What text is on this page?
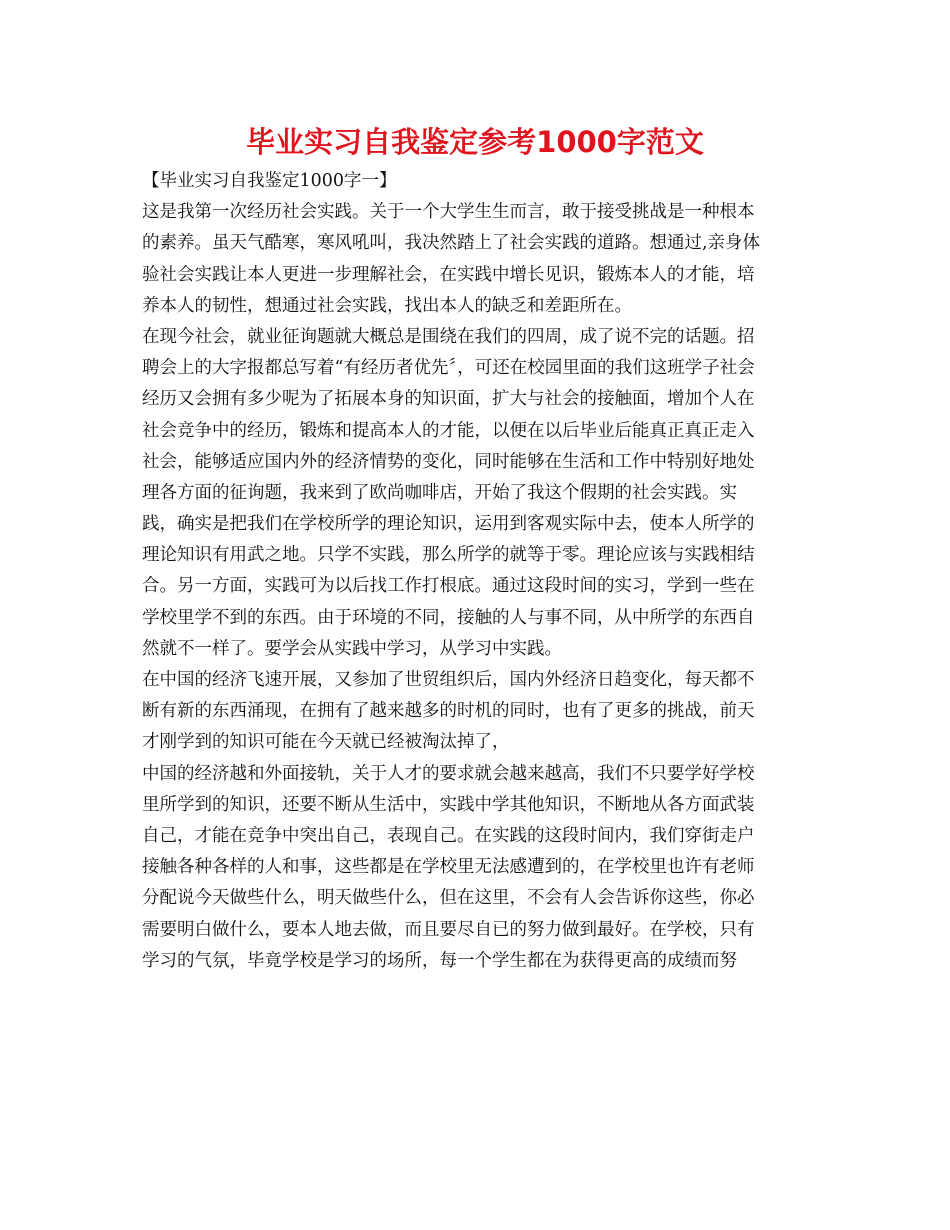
毕业实习自我鉴定参考1000字范文

【毕业实习自我鉴定1000字一】

这是我第一次经历社会实践。关于一个大学生生而言，敢于接受挑战是一种根本

的素养。虽天气酷寒，寒风吼叫，我决然踏上了社会实践的道路。想通过,亲身体

验社会实践让本人更进一步理解社会，在实践中增长见识，锻炼本人的才能，培

养本人的韧性，想通过社会实践，找出本人的缺乏和差距所在。

在现今社会，就业征询题就大概总是围绕在我们的四周，成了说不完的话题。招

聘会上的大字报都总写着“有经历者优先〞，可还在校园里面的我们这班学子社会

经历又会拥有多少呢为了拓展本身的知识面，扩大与社会的接触面，增加个人在

社会竞争中的经历，锻炼和提高本人的才能，以便在以后毕业后能真正真正走入

社会，能够适应国内外的经济情势的变化，同时能够在生活和工作中特别好地处

理各方面的征询题，我来到了欧尚咖啡店，开始了我这个假期的社会实践。实

践，确实是把我们在学校所学的理论知识，运用到客观实际中去，使本人所学的

理论知识有用武之地。只学不实践，那么所学的就等于零。理论应该与实践相结

合。另一方面，实践可为以后找工作打根底。通过这段时间的实习，学到一些在

学校里学不到的东西。由于环境的不同，接触的人与事不同，从中所学的东西自

然就不一样了。要学会从实践中学习，从学习中实践。

在中国的经济飞速开展，又参加了世贸组织后，国内外经济日趋变化，每天都不

断有新的东西涌现，在拥有了越来越多的时机的同时，也有了更多的挑战，前天

才刚学到的知识可能在今天就已经被淘汰掉了，

中国的经济越和外面接轨，关于人才的要求就会越来越高，我们不只要学好学校

里所学到的知识，还要不断从生活中，实践中学其他知识，不断地从各方面武装

自己，才能在竞争中突出自己，表现自己。在实践的这段时间内，我们穿街走户

接触各种各样的人和事，这些都是在学校里无法感遭到的，在学校里也许有老师

分配说今天做些什么，明天做些什么，但在这里，不会有人会告诉你这些，你必

需要明白做什么，要本人地去做，而且要尽自已的努力做到最好。在学校，只有

学习的气氛，毕竟学校是学习的场所，每一个学生都在为获得更高的成绩而努
